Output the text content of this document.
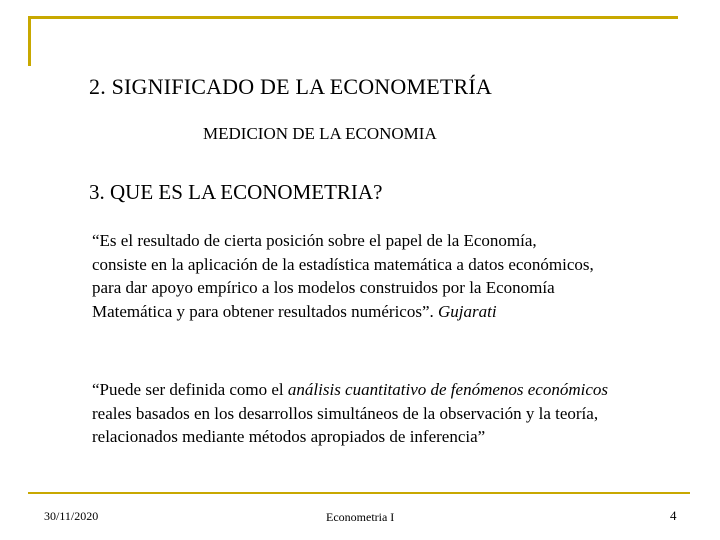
2. SIGNIFICADO DE LA ECONOMETRÍA
MEDICION DE LA ECONOMIA
3. QUE ES LA ECONOMETRIA?
“Es el resultado de cierta posición sobre el papel de la Economía,
consiste en la aplicación de la estadística matemática a datos económicos,
para dar apoyo empírico a los modelos construidos por la Economía
Matemática y para obtener resultados numéricos”. Gujarati
“Puede ser definida como el análisis cuantitativo de fenómenos económicos
reales basados en los desarrollos simultáneos de la observación y la teoría,
relacionados mediante métodos apropiados de inferencia”
30/11/2020	Econometria I	4
